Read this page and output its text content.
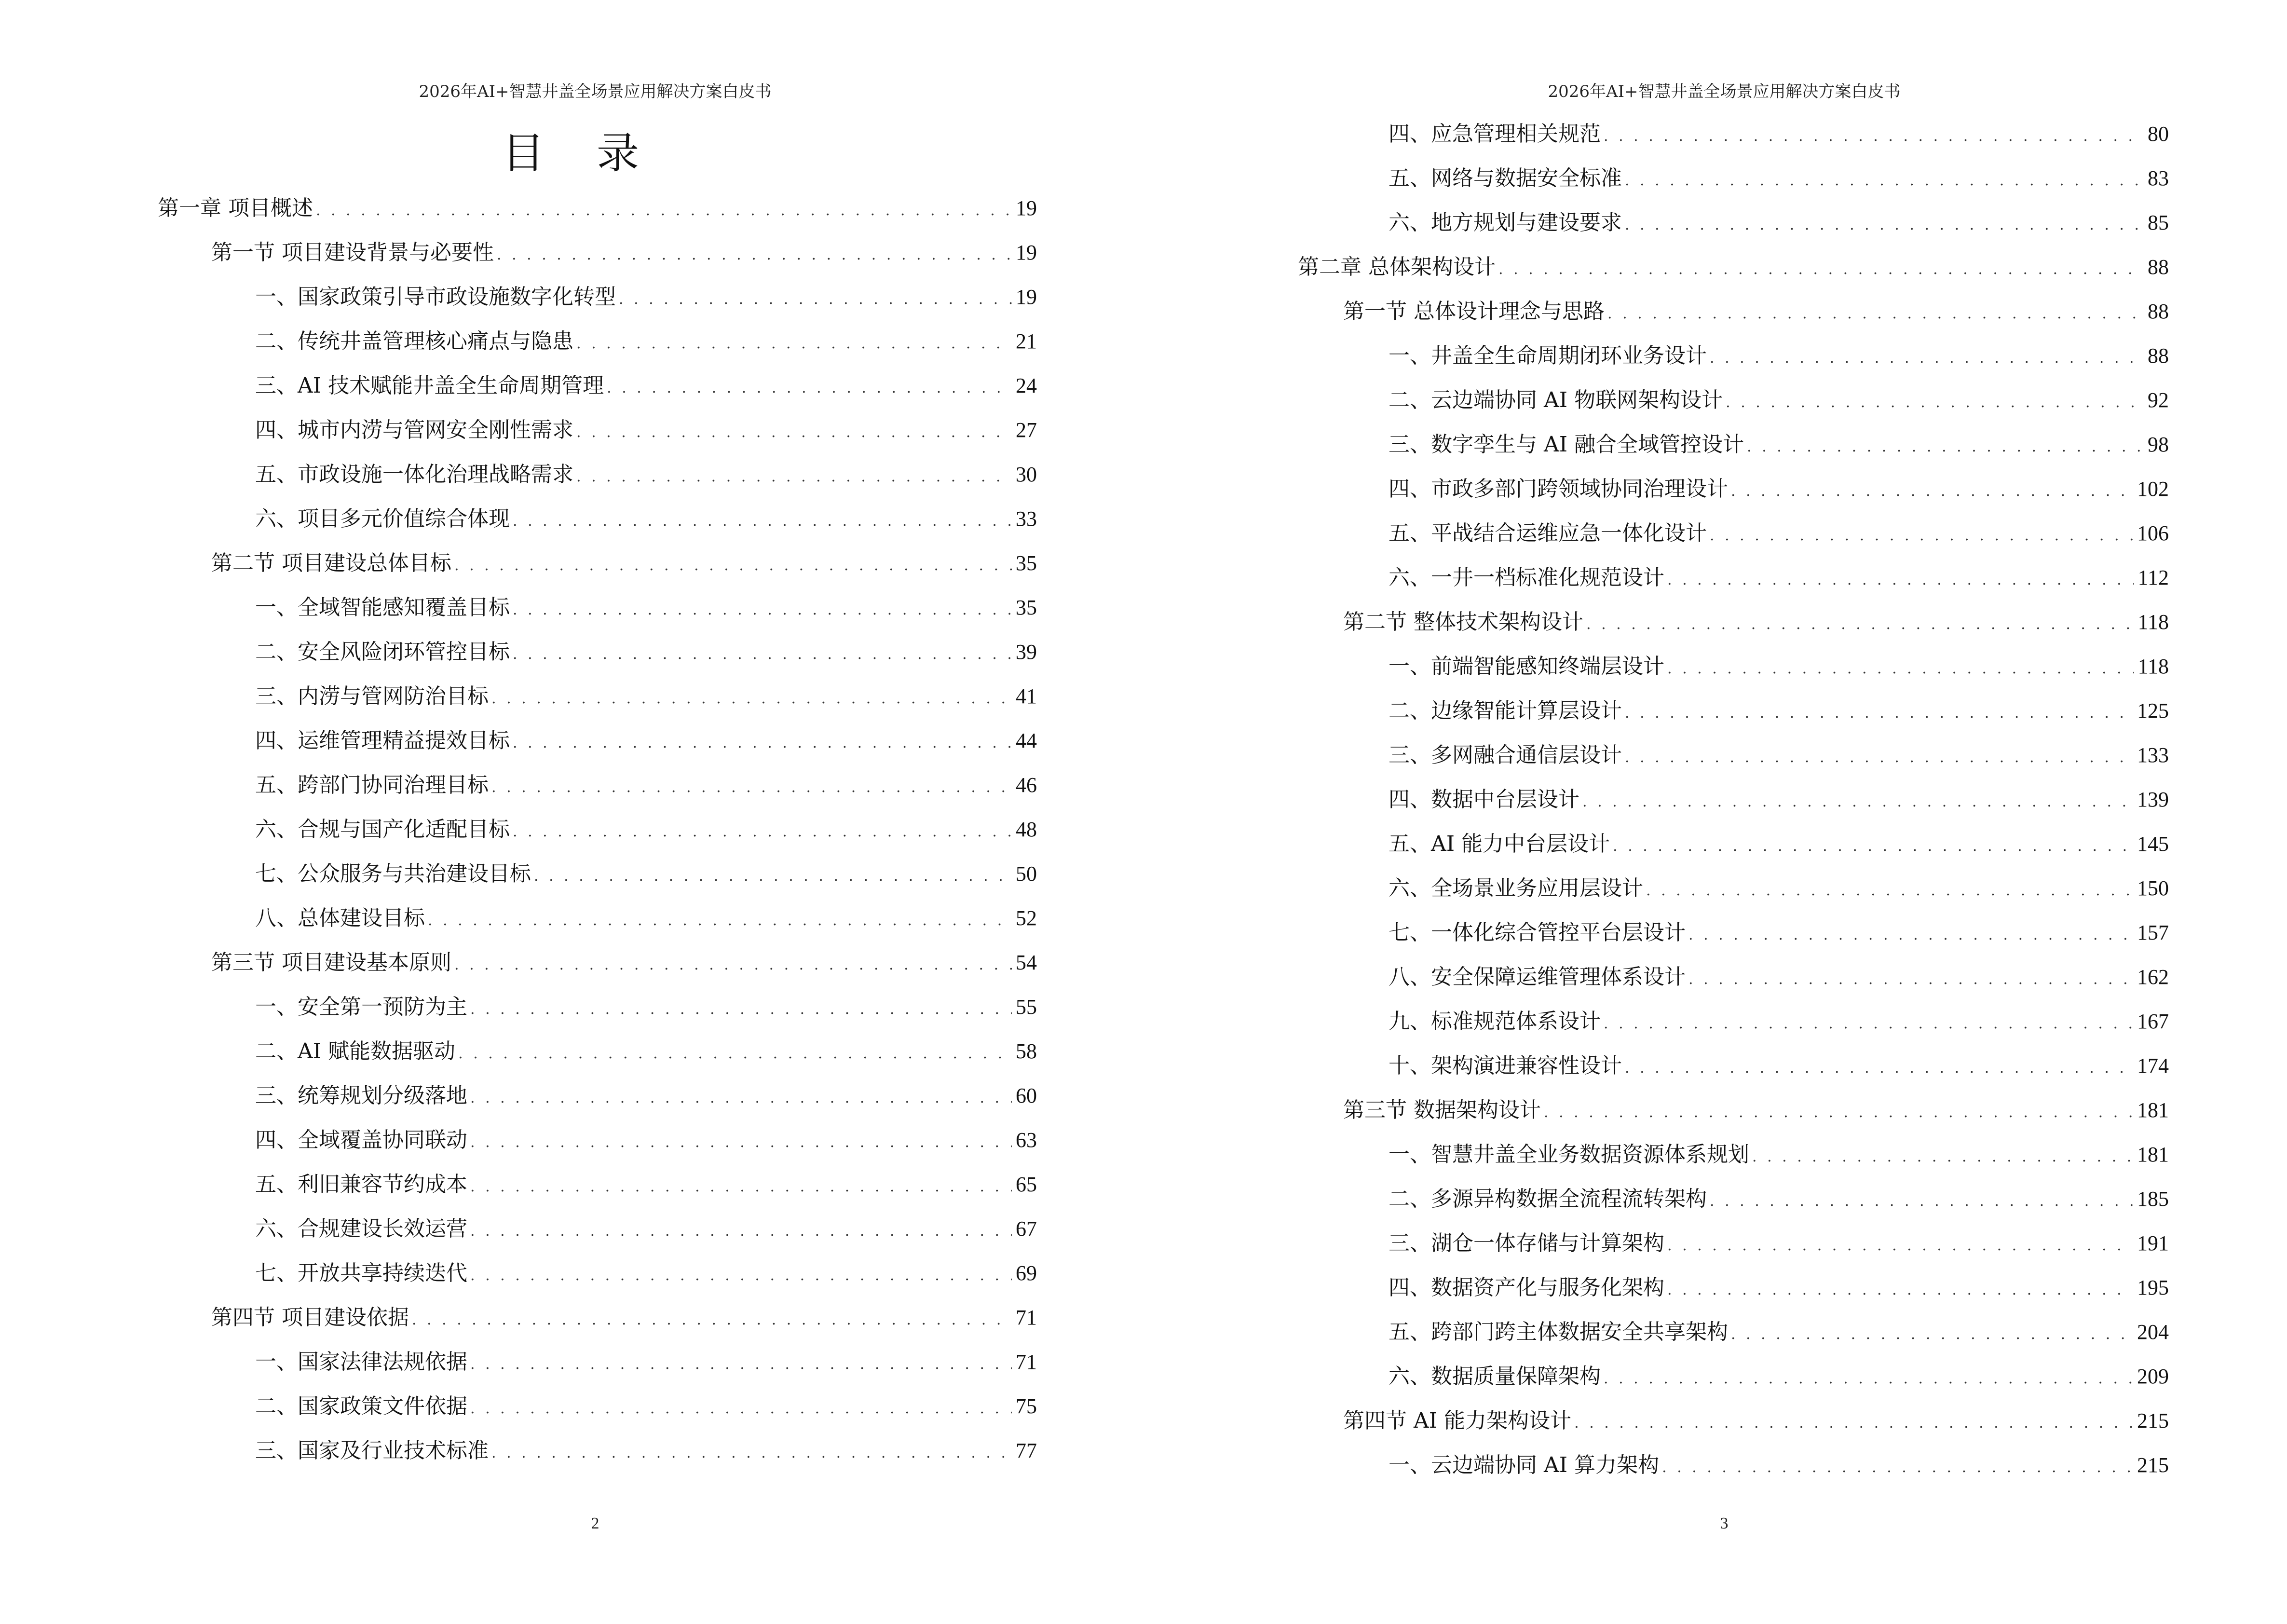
2026年AI+智慧井盖全场景应用解决方案白皮书
目 录
第一章 项目概述 . . .	19
第一节 项目建设背景与必要性 . . .	19
一、国家政策引导市政设施数字化转型 . . .	19
二、传统井盖管理核心痛点与隐患 . . .	21
三、AI 技术赋能井盖全生命周期管理 . . .	24
四、城市内涝与管网安全刚性需求 . . .	27
五、市政设施一体化治理战略需求 . . .	30
六、项目多元价值综合体现 . . .	33
第二节 项目建设总体目标 . . .	35
一、全域智能感知覆盖目标 . . .	35
二、安全风险闭环管控目标 . . .	39
三、内涝与管网防治目标 . . .	41
四、运维管理精益提效目标 . . .	44
五、跨部门协同治理目标 . . .	46
六、合规与国产化适配目标 . . .	48
七、公众服务与共治建设目标 . . .	50
八、总体建设目标 . . .	52
第三节 项目建设基本原则 . . .	54
一、安全第一预防为主 . . .	55
二、AI 赋能数据驱动 . . .	58
三、统筹规划分级落地 . . .	60
四、全域覆盖协同联动 . . .	63
五、利旧兼容节约成本 . . .	65
六、合规建设长效运营 . . .	67
七、开放共享持续迭代 . . .	69
第四节 项目建设依据 . . .	71
一、国家法律法规依据 . . .	71
二、国家政策文件依据 . . .	75
三、国家及行业技术标准 . . .	77
2
2026年AI+智慧井盖全场景应用解决方案白皮书
四、应急管理相关规范 . . .	80
五、网络与数据安全标准 . . .	83
六、地方规划与建设要求 . . .	85
第二章 总体架构设计 . . .	88
第一节 总体设计理念与思路 . . .	88
一、井盖全生命周期闭环业务设计 . . .	88
二、云边端协同 AI 物联网架构设计 . . .	92
三、数字孪生与 AI 融合全域管控设计 . . .	98
四、市政多部门跨领域协同治理设计 . . .	102
五、平战结合运维应急一体化设计 . . .	106
六、一井一档标准化规范设计 . . .	112
第二节 整体技术架构设计 . . .	118
一、前端智能感知终端层设计 . . .	118
二、边缘智能计算层设计 . . .	125
三、多网融合通信层设计 . . .	133
四、数据中台层设计 . . .	139
五、AI 能力中台层设计 . . .	145
六、全场景业务应用层设计 . . .	150
七、一体化综合管控平台层设计 . . .	157
八、安全保障运维管理体系设计 . . .	162
九、标准规范体系设计 . . .	167
十、架构演进兼容性设计 . . .	174
第三节 数据架构设计 . . .	181
一、智慧井盖全业务数据资源体系规划 . . .	181
二、多源异构数据全流程流转架构 . . .	185
三、湖仓一体存储与计算架构 . . .	191
四、数据资产化与服务化架构 . . .	195
五、跨部门跨主体数据安全共享架构 . . .	204
六、数据质量保障架构 . . .	209
第四节 AI 能力架构设计 . . .	215
一、云边端协同 AI 算力架构 . . .	215
3
